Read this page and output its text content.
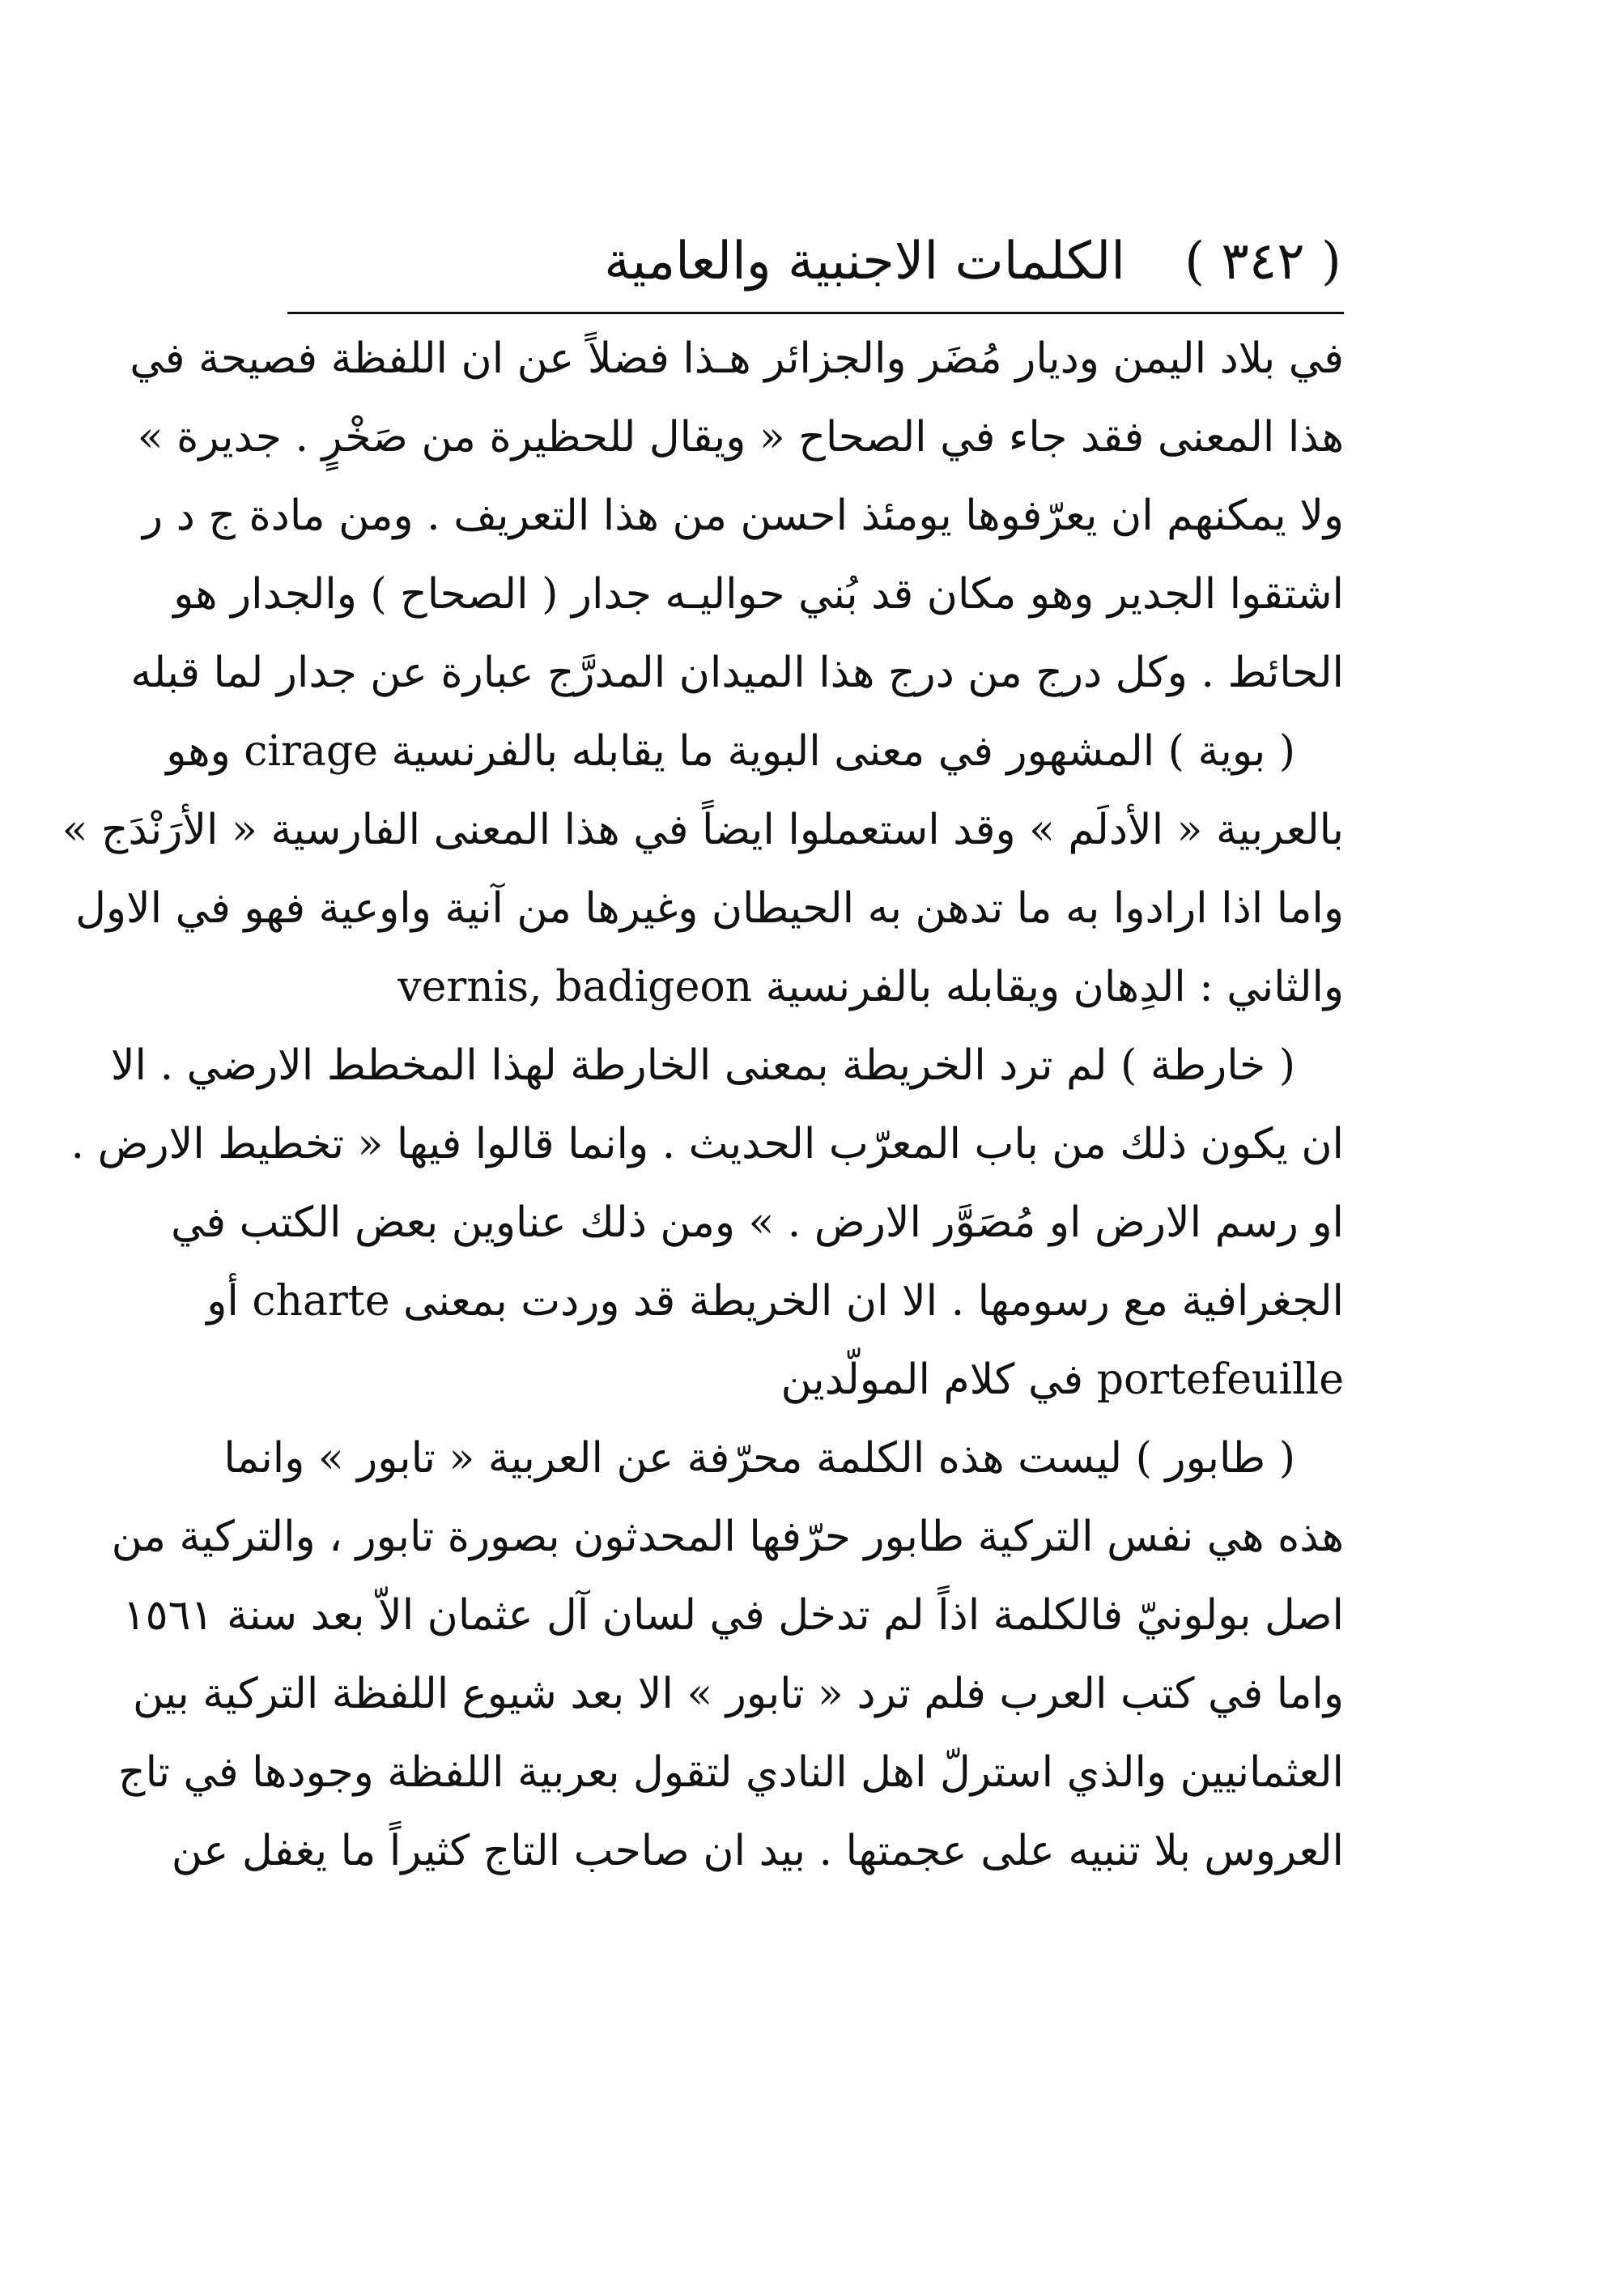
الكلمات الاجنبية والعامية ( ٣٤٢ )
في بلاد اليمن وديار مُضَر والجزائر هـذا فضلاً عن ان اللفظة فصيحة في
هذا المعنى فقد جاء في الصحاح « ويقال للحظيرة من صَخْرٍ . جديرة »
ولا يمكنهم ان يعرّفوها يومئذ احسن من هذا التعريف . ومن مادة ج د ر
اشتقوا الجدير وهو مكان قد بُني حواليـه جدار ( الصحاح ) والجدار هو
الحائط . وكل درج من درج هذا الميدان المدرَّج عبارة عن جدار لما قبله
( بوية ) المشهور في معنى البوية ما يقابله بالفرنسية cirage وهو
بالعربية « الأدلَم » وقد استعملوا ايضاً في هذا المعنى الفارسية « الأرَنْدَج »
واما اذا ارادوا به ما تدهن به الحيطان وغيرها من آنية واوعية فهو في الاول
والثاني : الدِهان ويقابله بالفرنسية vernis, badigeon
( خارطة ) لم ترد الخريطة بمعنى الخارطة لهذا المخطط الارضي . الا
ان يكون ذلك من باب المعرّب الحديث . وانما قالوا فيها « تخطيط الارض .
او رسم الارض او مُصَوَّر الارض . » ومن ذلك عناوين بعض الكتب في
الجغرافية مع رسومها . الا ان الخريطة قد وردت بمعنى charte أو
portefeuille في كلام المولّدين
( طابور ) ليست هذه الكلمة محرّفة عن العربية « تابور » وانما
هذه هي نفس التركية طابور حرّفها المحدثون بصورة تابور ، والتركية من
اصل بولونيّ فالكلمة اذاً لم تدخل في لسان آل عثمان الاّ بعد سنة ١٥٦١
واما في كتب العرب فلم ترد « تابور » الا بعد شيوع اللفظة التركية بين
العثمانيين والذي استرلّ اهل النادي لتقول بعربية اللفظة وجودها في تاج
العروس بلا تنبيه على عجمتها . بيد ان صاحب التاج كثيراً ما يغفل عن
